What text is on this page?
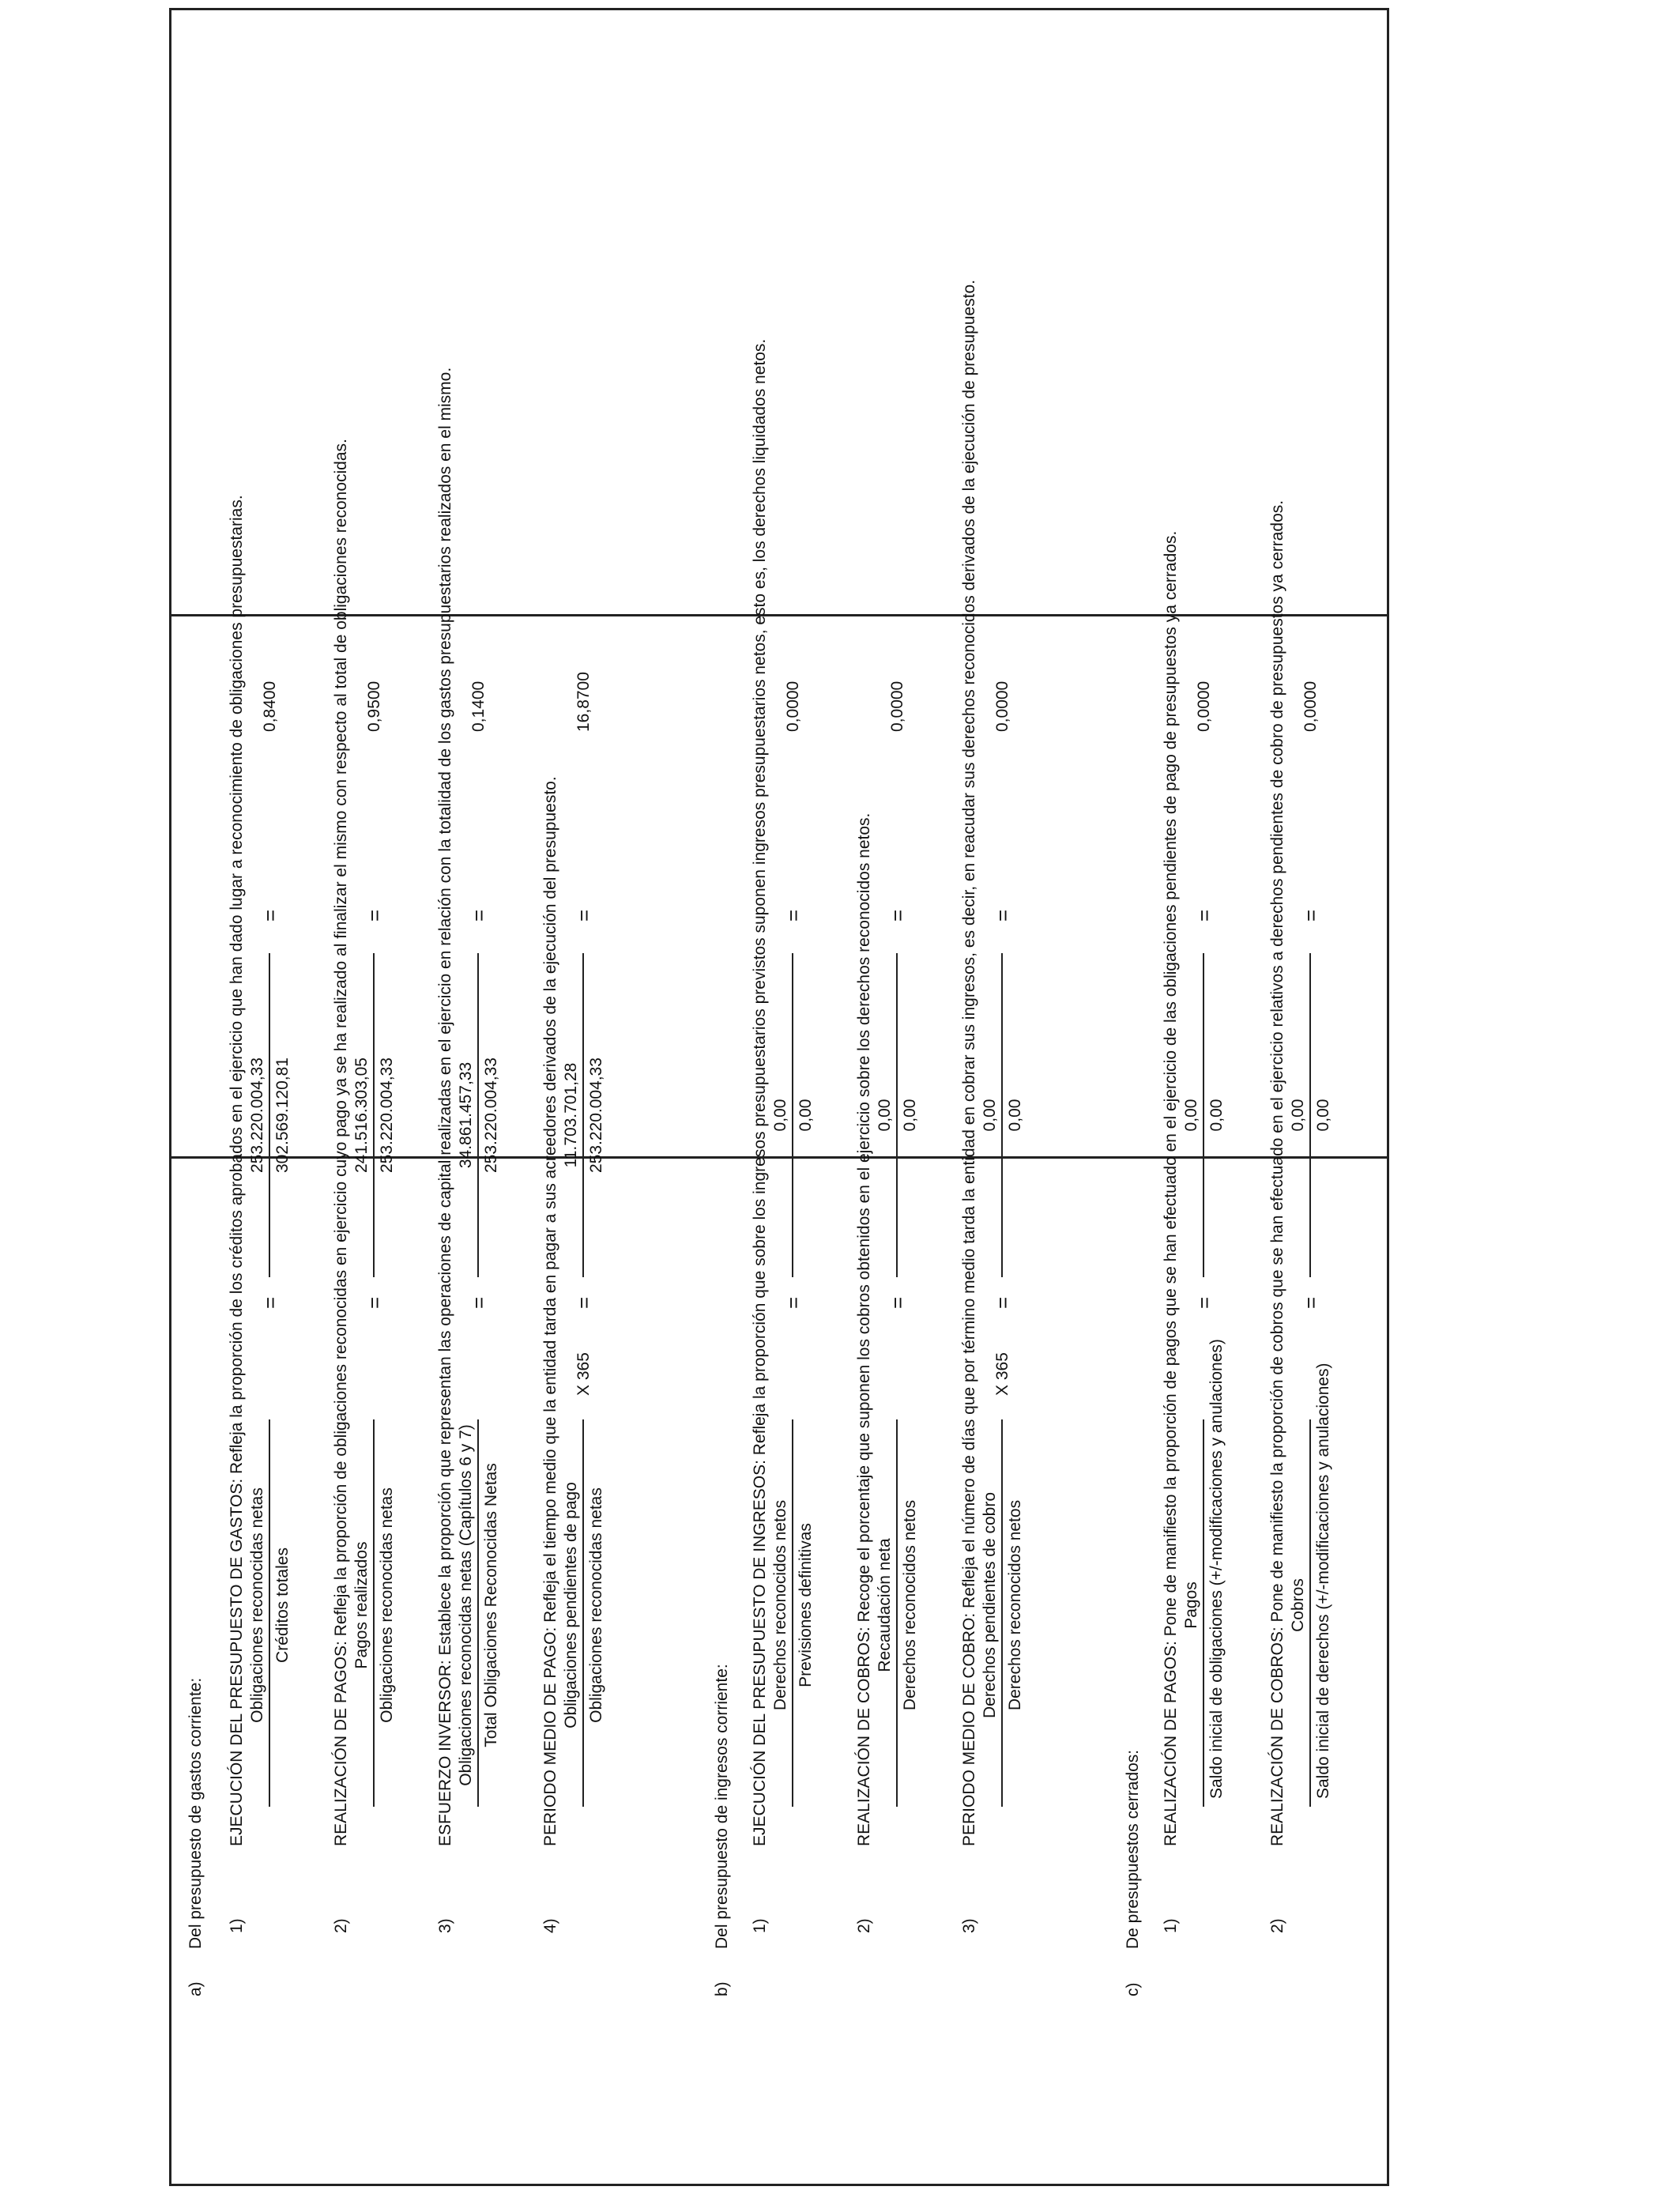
a)
Del presupuesto de gastos corriente: 1)
EJECUCIÓN DEL PRESUPUESTO DE GASTOS: Refleja la proporción de los créditos aprobados en el ejercicio que han dado lugar a reconocimiento de obligaciones presupuestarias. Obligaciones reconocidas netas Créditos totales
=
253.220.004,33 302.569.120,81
=
0,8400
2)
REALIZACIÓN DE PAGOS: Refleja la proporción de obligaciones reconocidas en ejercicio cuyo pago ya se ha realizado al finalizar el mismo con respecto al total de obligaciones reconocidas. Pagos realizados Obligaciones reconocidas netas
=
241.516.303,05 253.220.004,33
=
0,9500
3)
ESFUERZO INVERSOR: Establece la proporción que representan las operaciones de capital realizadas en el ejercicio en relación con la totalidad de los gastos presupuestarios realizados en el mismo. Obligaciones reconocidas netas (Capítulos 6 y 7) Total Obligaciones Reconocidas Netas
=
34.861.457,33 253.220.004,33
=
0,1400
4)
PERIODO MEDIO DE PAGO: Refleja el tiempo medio que la entidad tarda en pagar a sus acreedores derivados de la ejecución del presupuesto. Obligaciones pendientes de pago Obligaciones reconocidas netas
X 365
=
11.703.701,28 253.220.004,33
=
16,8700
b)
Del presupuesto de ingresos corriente: 1)
EJECUCIÓN DEL PRESUPUESTO DE INGRESOS: Refleja la proporción que sobre los ingresos presupuestarios previstos suponen ingresos presupuestarios netos, esto es, los derechos liquidados netos. Derechos reconocidos netos Previsiones definitivas
=
0,00 0,00
=
0,0000
2)
REALIZACIÓN DE COBROS: Recoge el porcentaje que suponen los cobros obtenidos en el ejercicio sobre los derechos reconocidos netos. Recaudación neta Derechos reconocidos netos
=
0,00 0,00
=
0,0000
3)
PERIODO MEDIO DE COBRO: Refleja el número de días que por término medio tarda la entidad en cobrar sus ingresos, es decir, en reacudar sus derechos reconocidos derivados de la ejecución de presupuesto. Derechos pendientes de cobro Derechos reconocidos netos
X 365
=
0,00 0,00
=
0,0000
c)
De presupuestos cerrados: 1)
REALIZACIÓN DE PAGOS: Pone de manifiesto la proporción de pagos que se han efectuado en el ejercicio de las obligaciones pendientes de pago de presupuestos ya cerrados. Pagos Saldo inicial de obligaciones (+/-modificaciones y anulaciones)
=
0,00 0,00
=
0,0000
2)
REALIZACIÓN DE COBROS: Pone de manifiesto la proporción de cobros que se han efectuado en el ejercicio relativos a derechos pendientes de cobro de presupuestos ya cerrados. Cobros Saldo inicial de derechos (+/-modificaciones y anulaciones)
=
0,00 0,00
=
0,0000
